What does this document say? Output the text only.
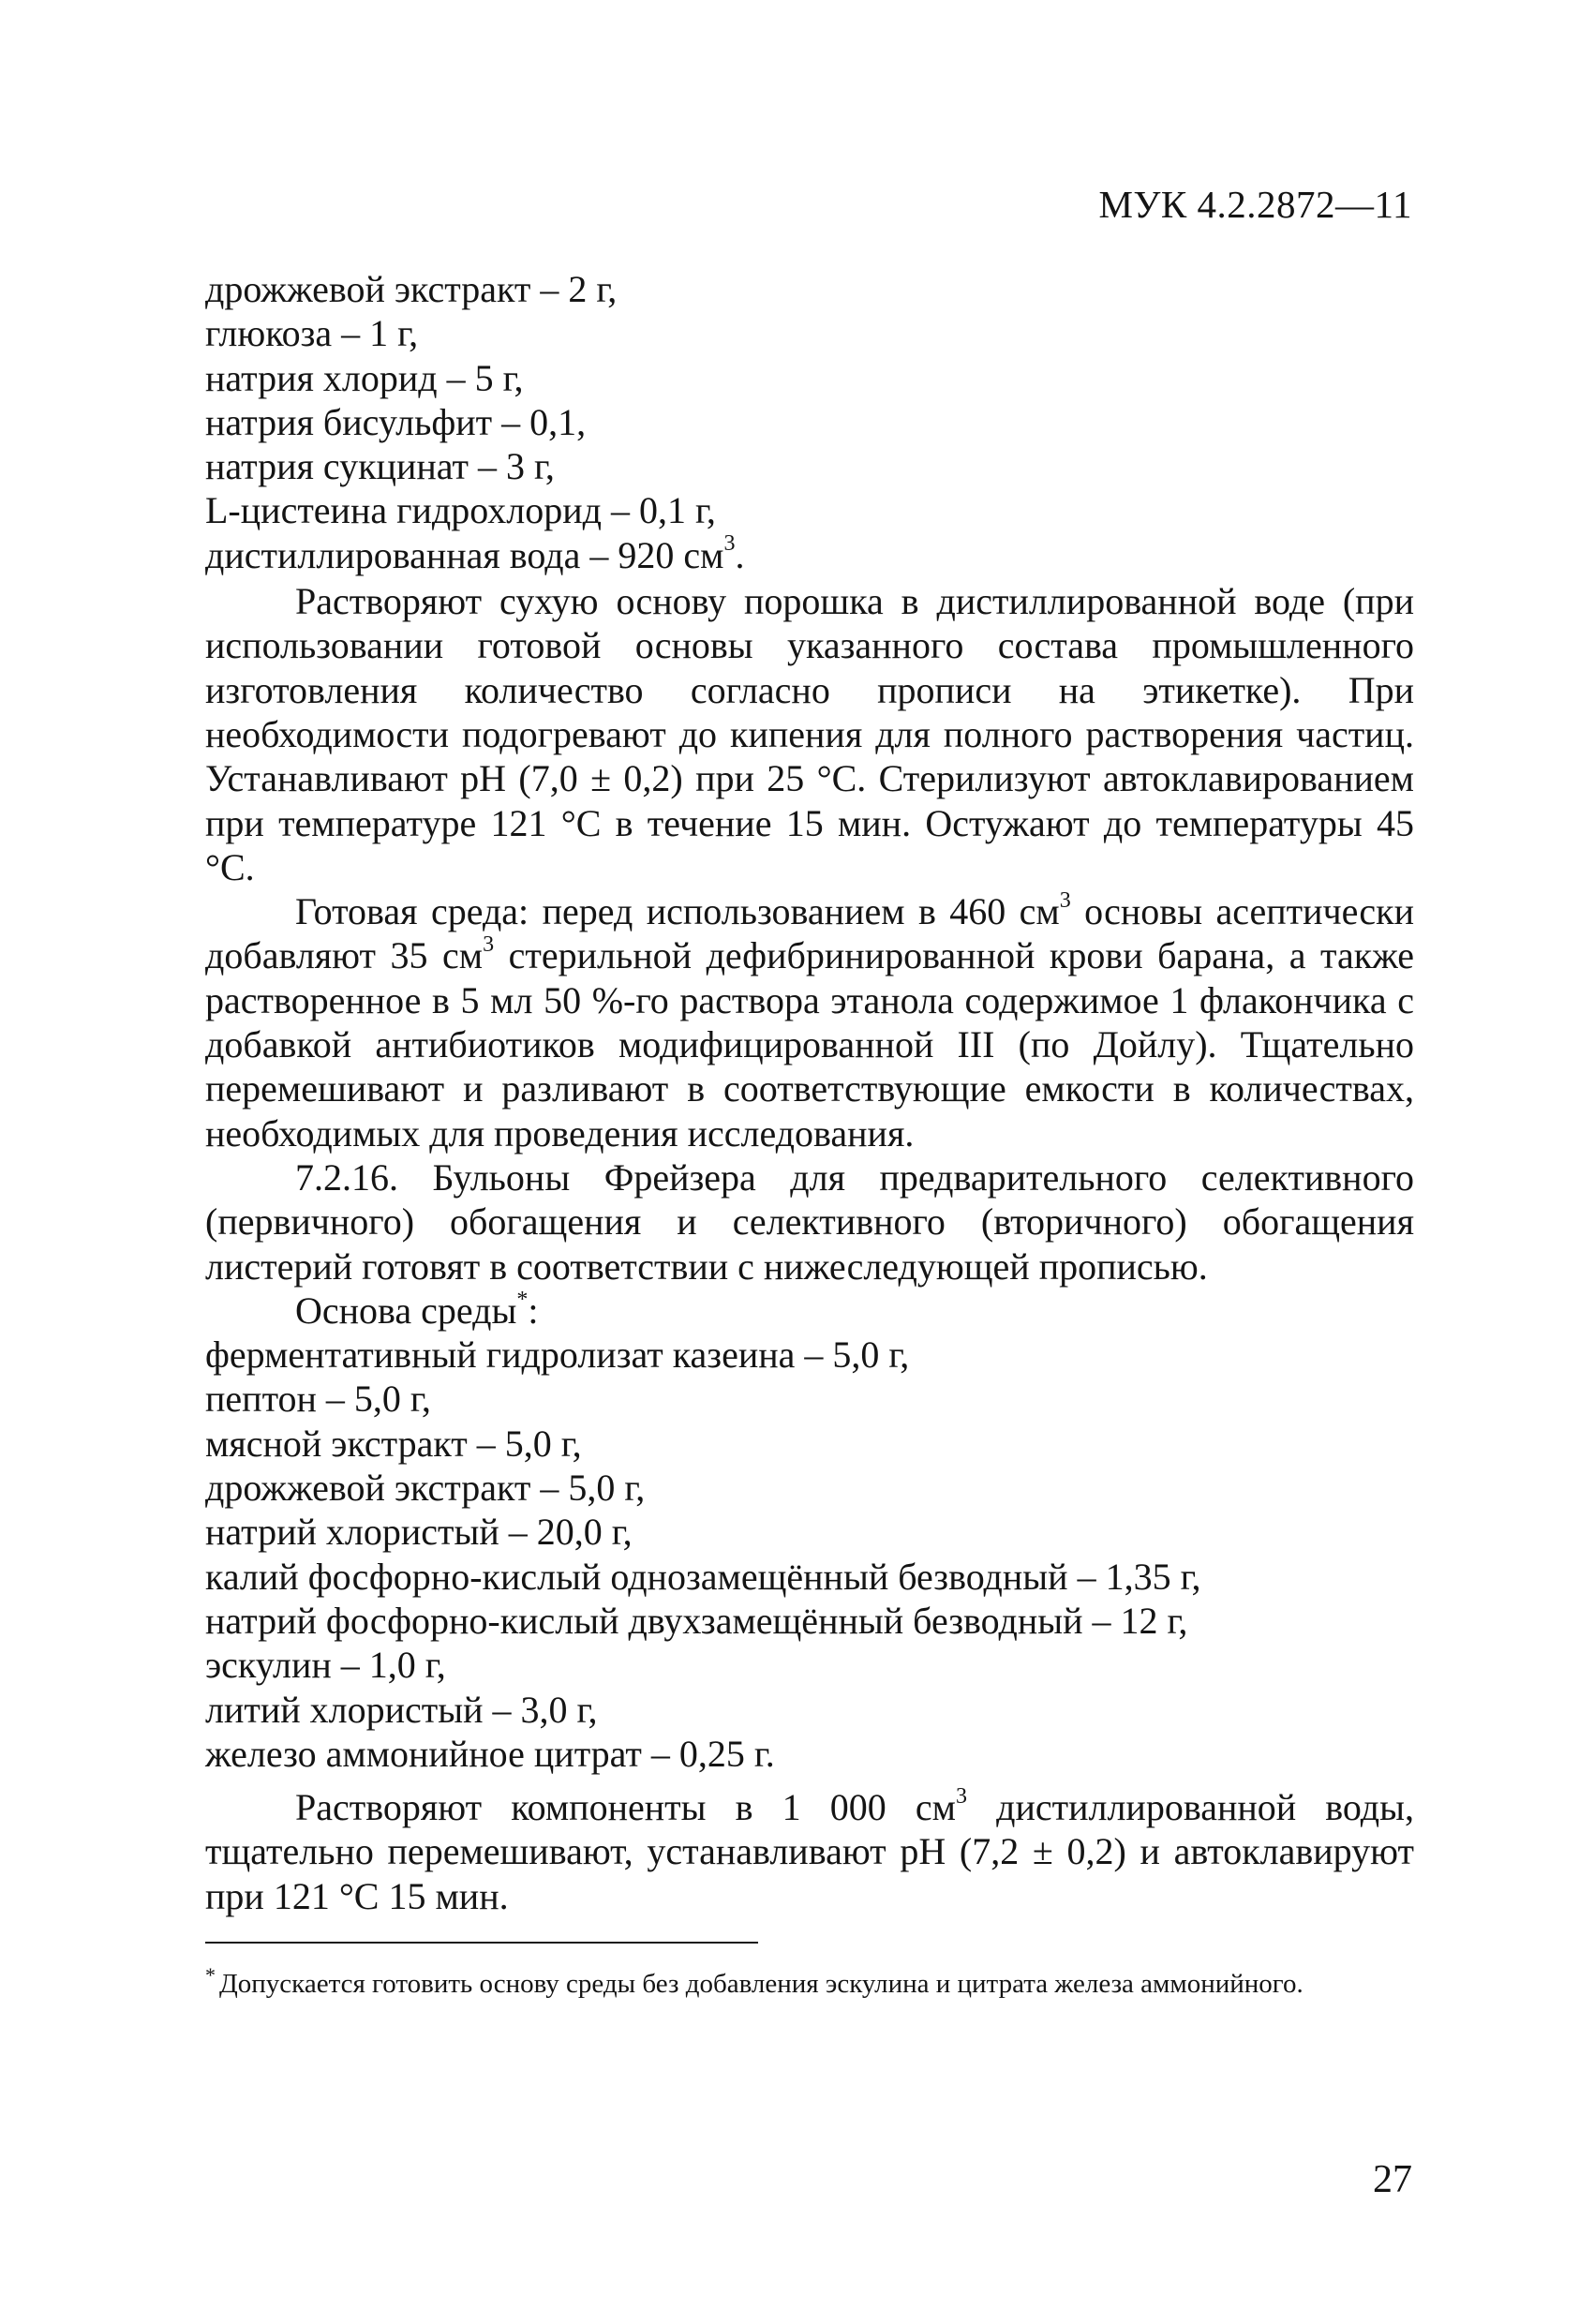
МУК 4.2.2872—11
дрожжевой экстракт – 2 г,
глюкоза – 1 г,
натрия хлорид – 5 г,
натрия бисульфит – 0,1,
натрия сукцинат – 3 г,
L-цистеина гидрохлорид – 0,1 г,
дистиллированная вода – 920 $см^3$.

Растворяют сухую основу порошка в дистиллированной воде (при использовании готовой основы указанного состава промышленного изготовления количество согласно прописи на этикетке). При необходимости подогревают до кипения для полного растворения частиц. Устанавливают pH (7,0 ± 0,2) при 25 °С. Стерилизуют автоклавированием при температуре 121 °С в течение 15 мин. Остужают до температуры 45 °С.

Готовая среда: перед использованием в 460 $см^3$ основы асептически добавляют 35 $см^3$ стерильной дефибринированной крови барана, а также растворенное в 5 мл 50 %-го раствора этанола содержимое 1 флакончика с добавкой антибиотиков модифицированной III (по Дойлу). Тщательно перемешивают и разливают в соответствующие емкости в количествах, необходимых для проведения исследования.

7.2.16. Бульоны Фрейзера для предварительного селективного (первичного) обогащения и селективного (вторичного) обогащения листерий готовят в соответствии с нижеследующей прописью.

Основа среды*:
ферментативный гидролизат казеина – 5,0 г,
пептон – 5,0 г,
мясной экстракт – 5,0 г,
дрожжевой экстракт – 5,0 г,
натрий хлористый – 20,0 г,
калий фосфорно-кислый однозамещённый безводный – 1,35 г,
натрий фосфорно-кислый двухзамещённый безводный – 12 г,
эскулин – 1,0 г,
литий хлористый – 3,0 г,
железо аммонийное цитрат – 0,25 г.

Растворяют компоненты в 1 000 $см^3$ дистиллированной воды, тщательно перемешивают, устанавливают pH (7,2 ± 0,2) и автоклавируют при 121 °С 15 мин.

* Допускается готовить основу среды без добавления эскулина и цитрата железа аммонийного.
27
